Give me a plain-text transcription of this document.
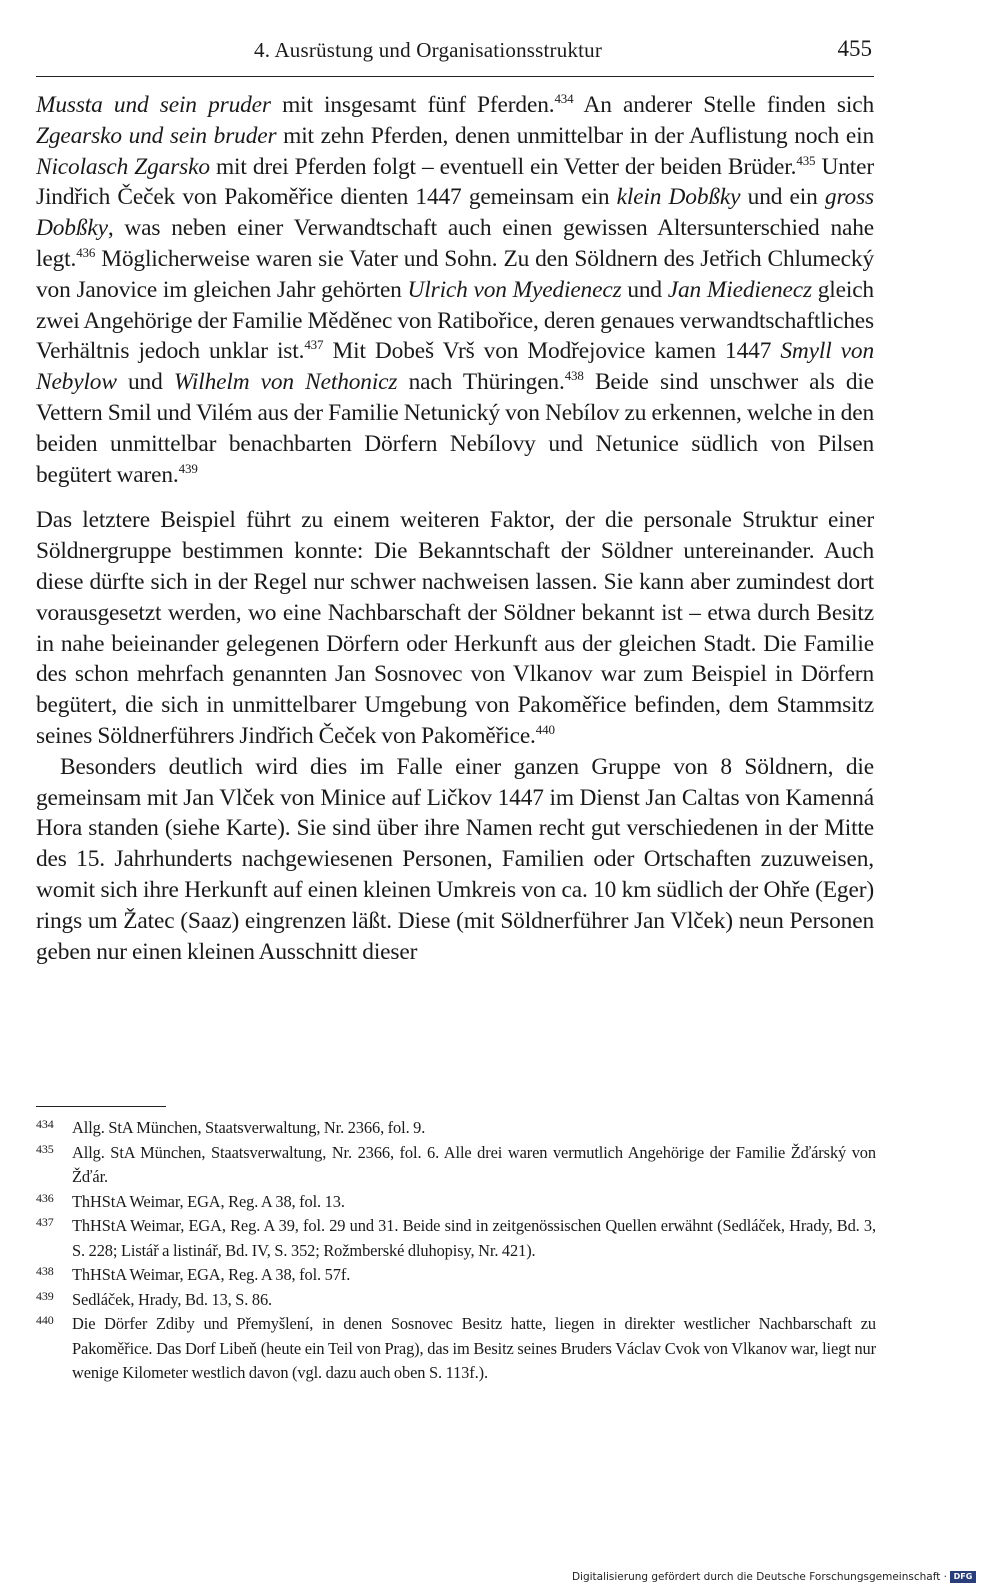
4. Ausrüstung und Organisationsstruktur	455

Mussta und sein pruder mit insgesamt fünf Pferden.$^{434}$ An anderer Stelle finden sich Zgearsko und sein bruder mit zehn Pferden, denen unmittelbar in der Auflistung noch ein Nicolasch Zgarsko mit drei Pferden folgt – eventuell ein Vetter der beiden Brüder.$^{435}$ Unter Jindřich Čeček von Pakoměřice dienten 1447 gemeinsam ein klein Dobßky und ein gross Dobßky, was neben einer Verwandtschaft auch einen gewissen Altersunterschied nahe legt.$^{436}$ Möglicherweise waren sie Vater und Sohn. Zu den Söldnern des Jetřich Chlumecký von Janovice im gleichen Jahr gehörten Ulrich von Myedienecz und Jan Miedienecz gleich zwei Angehörige der Familie Měděnec von Ratibořice, deren genaues verwandtschaftliches Verhältnis jedoch unklar ist.$^{437}$ Mit Dobeš Vrš von Modřejovice kamen 1447 Smyll von Nebylow und Wilhelm von Nethonicz nach Thüringen.$^{438}$ Beide sind unschwer als die Vettern Smil und Vilém aus der Familie Netunický von Nebílov zu erkennen, welche in den beiden unmittelbar benachbarten Dörfern Nebílovy und Netunice südlich von Pilsen begütert waren.$^{439}$

Das letztere Beispiel führt zu einem weiteren Faktor, der die personale Struktur einer Söldnergruppe bestimmen konnte: Die Bekanntschaft der Söldner untereinander. Auch diese dürfte sich in der Regel nur schwer nachweisen lassen. Sie kann aber zumindest dort vorausgesetzt werden, wo eine Nachbarschaft der Söldner bekannt ist – etwa durch Besitz in nahe beieinander gelegenen Dörfern oder Herkunft aus der gleichen Stadt. Die Familie des schon mehrfach genannten Jan Sosnovec von Vlkanov war zum Beispiel in Dörfern begütert, die sich in unmittelbarer Umgebung von Pakoměřice befinden, dem Stammsitz seines Söldnerführers Jindřich Čeček von Pakoměřice.$^{440}$

Besonders deutlich wird dies im Falle einer ganzen Gruppe von 8 Söldnern, die gemeinsam mit Jan Vlček von Minice auf Ličkov 1447 im Dienst Jan Caltas von Kamenná Hora standen (siehe Karte). Sie sind über ihre Namen recht gut verschiedenen in der Mitte des 15. Jahrhunderts nachgewiesenen Personen, Familien oder Ortschaften zuzuweisen, womit sich ihre Herkunft auf einen kleinen Umkreis von ca. 10 km südlich der Ohře (Eger) rings um Žatec (Saaz) eingrenzen läßt. Diese (mit Söldnerführer Jan Vlček) neun Personen geben nur einen kleinen Ausschnitt dieser

434 Allg. StA München, Staatsverwaltung, Nr. 2366, fol. 9.

435 Allg. StA München, Staatsverwaltung, Nr. 2366, fol. 6. Alle drei waren vermutlich Angehörige der Familie Žďárský von Žďár.

436 ThHStA Weimar, EGA, Reg. A 38, fol. 13.

437 ThHStA Weimar, EGA, Reg. A 39, fol. 29 und 31. Beide sind in zeitgenössischen Quellen erwähnt (Sedláček, Hrady, Bd. 3, S. 228; Listář a listinář, Bd. IV, S. 352; Rožmberské dluhopisy, Nr. 421).

438 ThHStA Weimar, EGA, Reg. A 38, fol. 57f.

439 Sedláček, Hrady, Bd. 13, S. 86.

440 Die Dörfer Zdiby und Přemyšlení, in denen Sosnovec Besitz hatte, liegen in direkter westlicher Nachbarschaft zu Pakoměřice. Das Dorf Libeň (heute ein Teil von Prag), das im Besitz seines Bruders Václav Cvok von Vlkanov war, liegt nur wenige Kilometer westlich davon (vgl. dazu auch oben S. 113f.).

Digitalisierung gefördert durch die Deutsche Forschungsgemeinschaft · DFG
